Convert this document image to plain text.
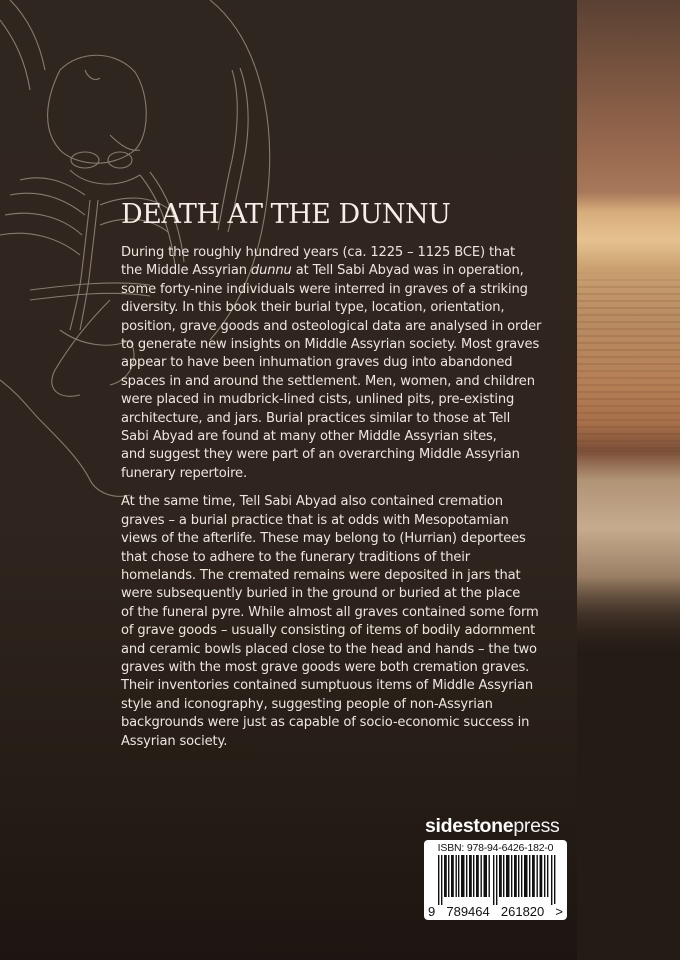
DEATH AT THE DUNNU

During the roughly hundred years (ca. 1225 – 1125 BCE) that
the Middle Assyrian dunnu at Tell Sabi Abyad was in operation,
some forty-nine individuals were interred in graves of a striking
diversity. In this book their burial type, location, orientation,
position, grave goods and osteological data are analysed in order
to generate new insights on Middle Assyrian society. Most graves
appear to have been inhumation graves dug into abandoned
spaces in and around the settlement. Men, women, and children
were placed in mudbrick-lined cists, unlined pits, pre-existing
architecture, and jars. Burial practices similar to those at Tell
Sabi Abyad are found at many other Middle Assyrian sites,
and suggest they were part of an overarching Middle Assyrian
funerary repertoire.

At the same time, Tell Sabi Abyad also contained cremation
graves – a burial practice that is at odds with Mesopotamian
views of the afterlife. These may belong to (Hurrian) deportees
that chose to adhere to the funerary traditions of their
homelands. The cremated remains were deposited in jars that
were subsequently buried in the ground or buried at the place
of the funeral pyre. While almost all graves contained some form
of grave goods – usually consisting of items of bodily adornment
and ceramic bowls placed close to the head and hands – the two
graves with the most grave goods were both cremation graves.
Their inventories contained sumptuous items of Middle Assyrian
style and iconography, suggesting people of non-Assyrian
backgrounds were just as capable of socio-economic success in
Assyrian society.

sidestonepress
ISBN: 978-94-6426-182-0
9 789464 261820 >
